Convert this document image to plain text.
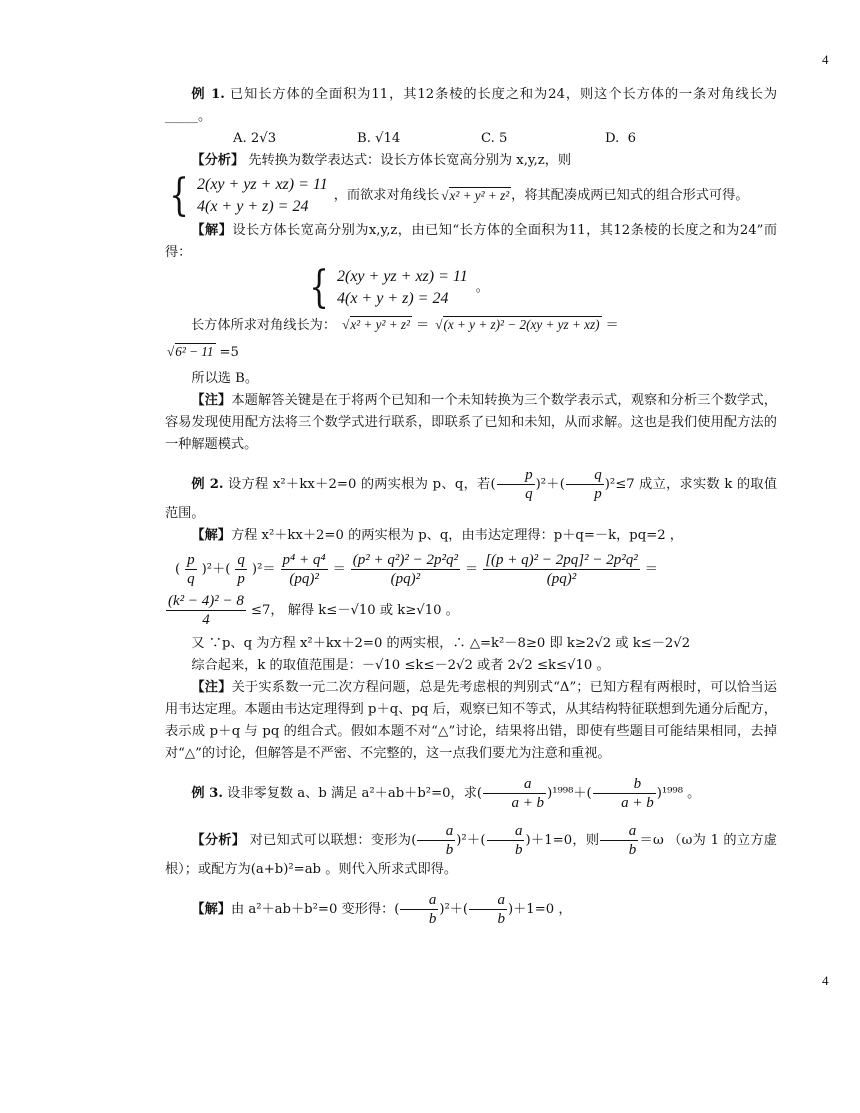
4

例 1. 已知长方体的全面积为11，其12条棱的长度之和为24，则这个长方体的一条对角线长为_____。

A. 2√3	B. √14	C. 5	D.  6

【分析】 先转换为数学表达式：设长方体长宽高分别为 x,y,z，则

{ 2(xy + yz + xz) = 11
4(x + y + z) = 24
，而欲求对角线长 √ x² + y² + z² ，将其配凑成两已知式的组合形式可得。

【解】设长方体长宽高分别为x,y,z，由已知“长方体的全面积为11，其12条棱的长度之和为24”而得：

{ 2(xy + yz + xz) = 11
4(x + y + z) = 24
。
长方体所求对角线长为： √ x² + y² + z² ＝ √ (x + y + z)² − 2(xy + yz + xz) ＝
√ 6² − 11 =5

所以选 B。

【注】本题解答关键是在于将两个已知和一个未知转换为三个数学表示式，观察和分析三个数学式，容易发现使用配方法将三个数学式进行联系，即联系了已知和未知，从而求解。这也是我们使用配方法的一种解题模式。

例 2. 设方程 x²＋kx＋2=0 的两实根为 p、q，若( $\frac{p}{q} )^2+( \frac{q}{p} )^2\le 7$ 成立，求实数 k 的取值范围。

【解】方程 x²＋kx＋2=0 的两实根为 p、q，由韦达定理得：p＋q=－k，pq=2 ，

( $\frac{p}{q} )^2+( \frac{q}{p} )^2= \frac{\text{p⁴ + q⁴}}{\text{(pq)²}} = \frac{\text{(p² + q²)² − 2p²q²}}{\text{(pq)²}} = \frac{\text{[(p + q)² − 2pq]² − 2p²q²}}{\text{(pq)²}}$ ＝
$\frac{\text{(k² − 4)² − 8}}{4} \le 7$， 解得 k≤－√10 或 k≥√10 。

又 ∵p、q 为方程 x²＋kx＋2=0 的两实根，∴ △=k²－8≥0 即 k≥2√2 或 k≤－2√2

综合起来，k 的取值范围是：－√10 ≤k≤－2√2 或者 2√2 ≤k≤√10 。

【注】关于实系数一元二次方程问题，总是先考虑根的判别式“Δ”；已知方程有两根时，可以恰当运用韦达定理。本题由韦达定理得到 p＋q、pq 后，观察已知不等式，从其结构特征联想到先通分后配方，表示成 p＋q 与 pq 的组合式。假如本题不对“△”讨论，结果将出错，即使有些题目可能结果相同，去掉对“△”的讨论，但解答是不严密、不完整的，这一点我们要尤为注意和重视。

例 3. 设非零复数 a、b 满足 a²＋ab＋b²=0，求( $\frac{a}{a + b} )^{1998}+( \frac{b}{a + b} )^{1998}$ 。

【分析】 对已知式可以联想：变形为( $\frac{a}{b} )^2+( \frac{a}{b} )+1=0$，则 $\frac{a}{b} =\omega$ （ω为 1 的立方虚根）；或配方为(a+b)²=ab 。则代入所求式即得。

【解】由 a²＋ab＋b²=0 变形得：( $\frac{a}{b} )^2+( \frac{a}{b} )+1=0$ ，

4
